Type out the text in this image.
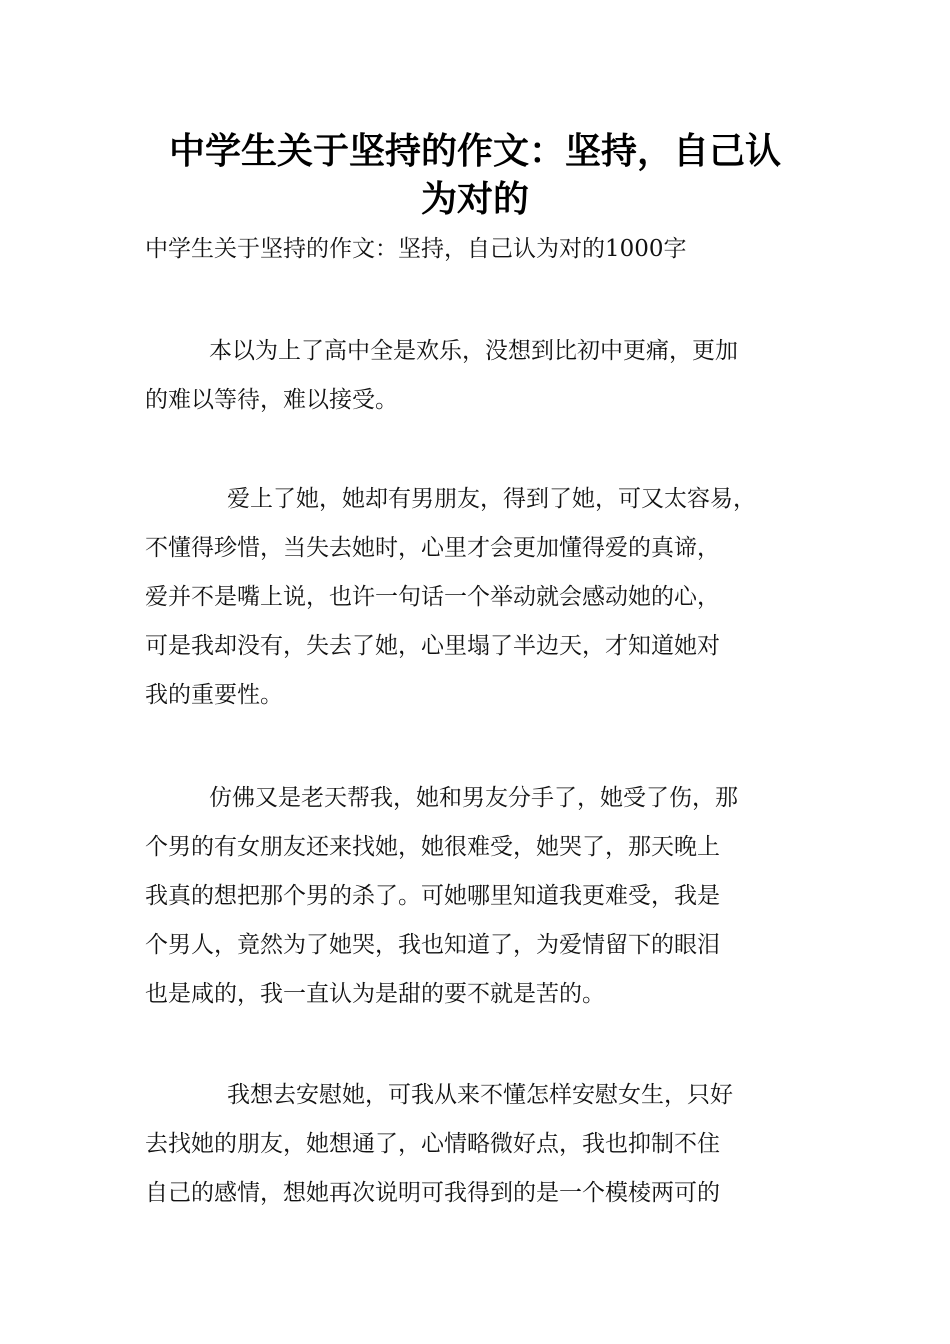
中学生关于坚持的作文：坚持，自己认
为对的
中学生关于坚持的作文：坚持，自己认为对的1000字
本以为上了高中全是欢乐，没想到比初中更痛，更加
的难以等待，难以接受。
爱上了她，她却有男朋友，得到了她，可又太容易，
不懂得珍惜，当失去她时，心里才会更加懂得爱的真谛，
爱并不是嘴上说，也许一句话一个举动就会感动她的心，
可是我却没有，失去了她，心里塌了半边天，才知道她对
我的重要性。
仿佛又是老天帮我，她和男友分手了，她受了伤，那
个男的有女朋友还来找她，她很难受，她哭了，那天晚上
我真的想把那个男的杀了。可她哪里知道我更难受，我是
个男人，竟然为了她哭，我也知道了，为爱情留下的眼泪
也是咸的，我一直认为是甜的要不就是苦的。
我想去安慰她，可我从来不懂怎样安慰女生，只好
去找她的朋友，她想通了，心情略微好点，我也抑制不住
自己的感情，想她再次说明可我得到的是一个模棱两可的
